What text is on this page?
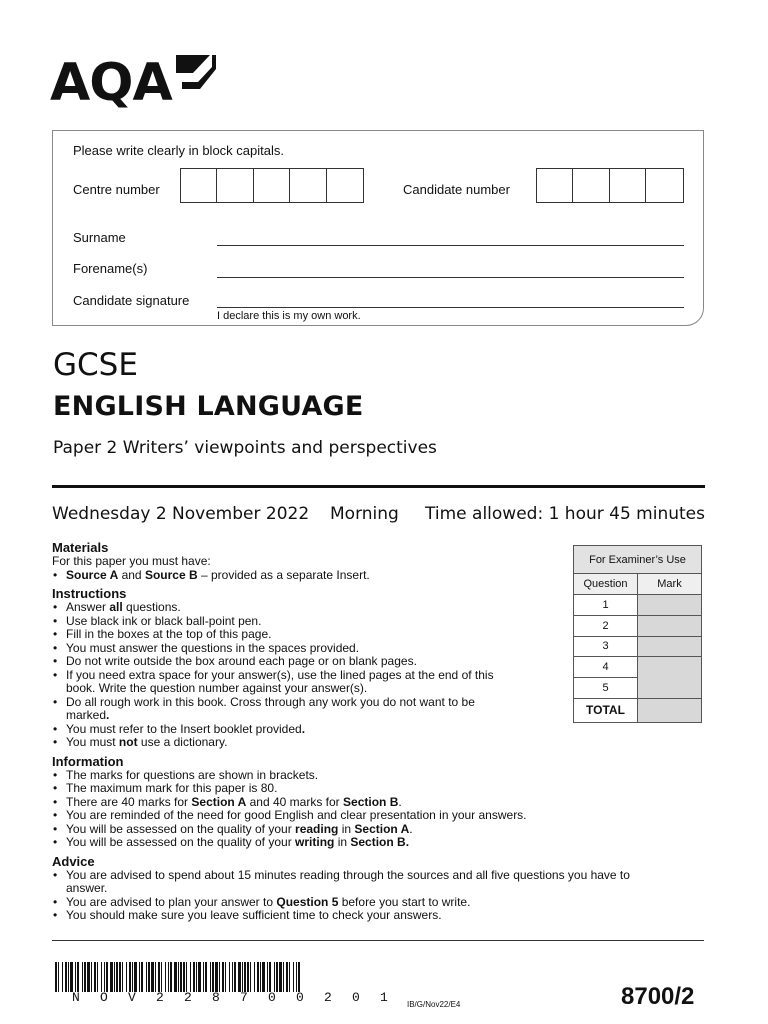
AQA
Please write clearly in block capitals.
Centre number	Candidate number
Surname
Forename(s)
Candidate signature
I declare this is my own work.
GCSE
ENGLISH LANGUAGE
Paper 2 Writers’ viewpoints and perspectives
Wednesday 2 November 2022 Morning Time allowed: 1 hour 45 minutes
Materials

For this paper you must have:

• Source A and Source B – provided as a separate Insert.
Instructions
• Answer all questions.
• Use black ink or black ball-point pen.
• Fill in the boxes at the top of this page.
• You must answer the questions in the spaces provided.
• Do not write outside the box around each page or on blank pages.
• If you need extra space for your answer(s), use the lined pages at the end of this book. Write the question number against your answer(s).
• Do all rough work in this book. Cross through any work you do not want to be marked.
• You must refer to the Insert booklet provided.
• You must not use a dictionary.
Information
• The marks for questions are shown in brackets.
• The maximum mark for this paper is 80.
• There are 40 marks for Section A and 40 marks for Section B.
• You are reminded of the need for good English and clear presentation in your answers.
• You will be assessed on the quality of your reading in Section A.
• You will be assessed on the quality of your writing in Section B.
Advice
• You are advised to spend about 15 minutes reading through the sources and all five questions you have to answer.
• You are advised to plan your answer to Question 5 before you start to write.
• You should make sure you leave sufficient time to check your answers.
For Examiner’s Use	
Question	Mark
1	
2	
3	
4	
5	
TOTAL	
N O V 2 2 8 7 0 0 2 0 1 IB/G/Nov22/E4	8700/2
